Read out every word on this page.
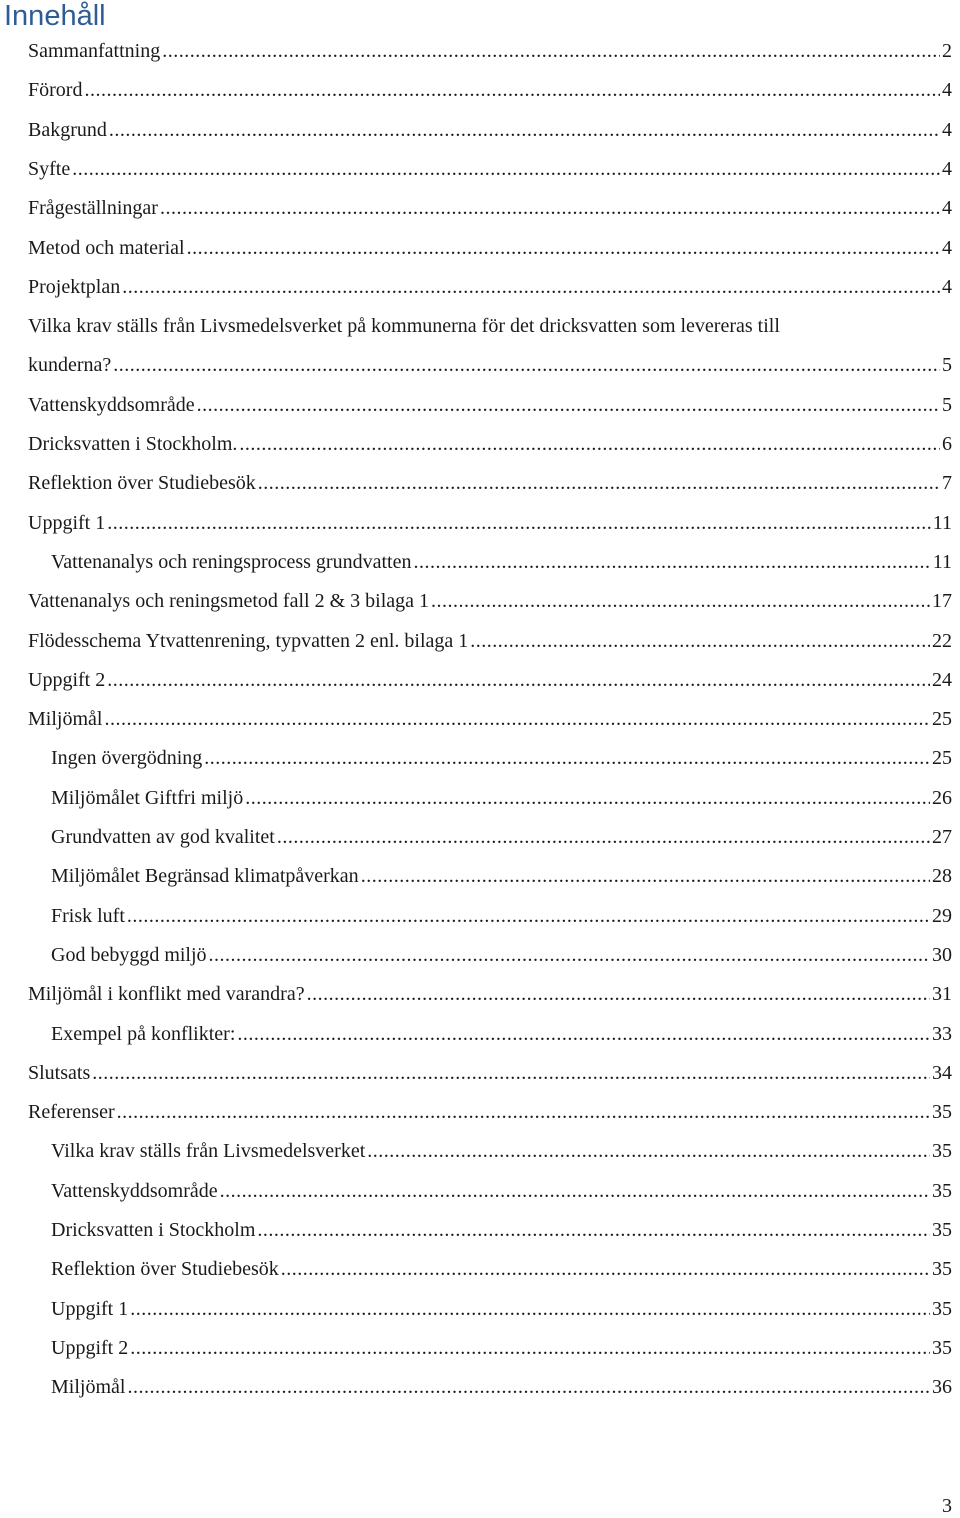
Innehåll
Sammanfattning .....	2
Förord .....	4
Bakgrund .....	4
Syfte .....	4
Frågeställningar .....	4
Metod och material .....	4
Projektplan .....	4
Vilka krav ställs från Livsmedelsverket på kommunerna för det dricksvatten som levereras till
kunderna? .....	5
Vattenskyddsområde .....	5
Dricksvatten i Stockholm. .....	6
Reflektion över Studiebesök .....	7
Uppgift 1 .....	11
Vattenanalys och reningsprocess grundvatten .....	11
Vattenanalys och reningsmetod fall 2 & 3 bilaga 1 .....	17
Flödesschema Ytvattenrening, typvatten 2 enl. bilaga 1 .....	22
Uppgift 2 .....	24
Miljömål .....	25
Ingen övergödning .....	25
Miljömålet Giftfri miljö .....	26
Grundvatten av god kvalitet .....	27
Miljömålet Begränsad klimatpåverkan .....	28
Frisk luft .....	29
God bebyggd miljö .....	30
Miljömål i konflikt med varandra? .....	31
Exempel på konflikter: .....	33
Slutsats .....	34
Referenser .....	35
Vilka krav ställs från Livsmedelsverket .....	35
Vattenskyddsområde .....	35
Dricksvatten i Stockholm .....	35
Reflektion över Studiebesök .....	35
Uppgift 1 .....	35
Uppgift 2 .....	35
Miljömål .....	36
3
